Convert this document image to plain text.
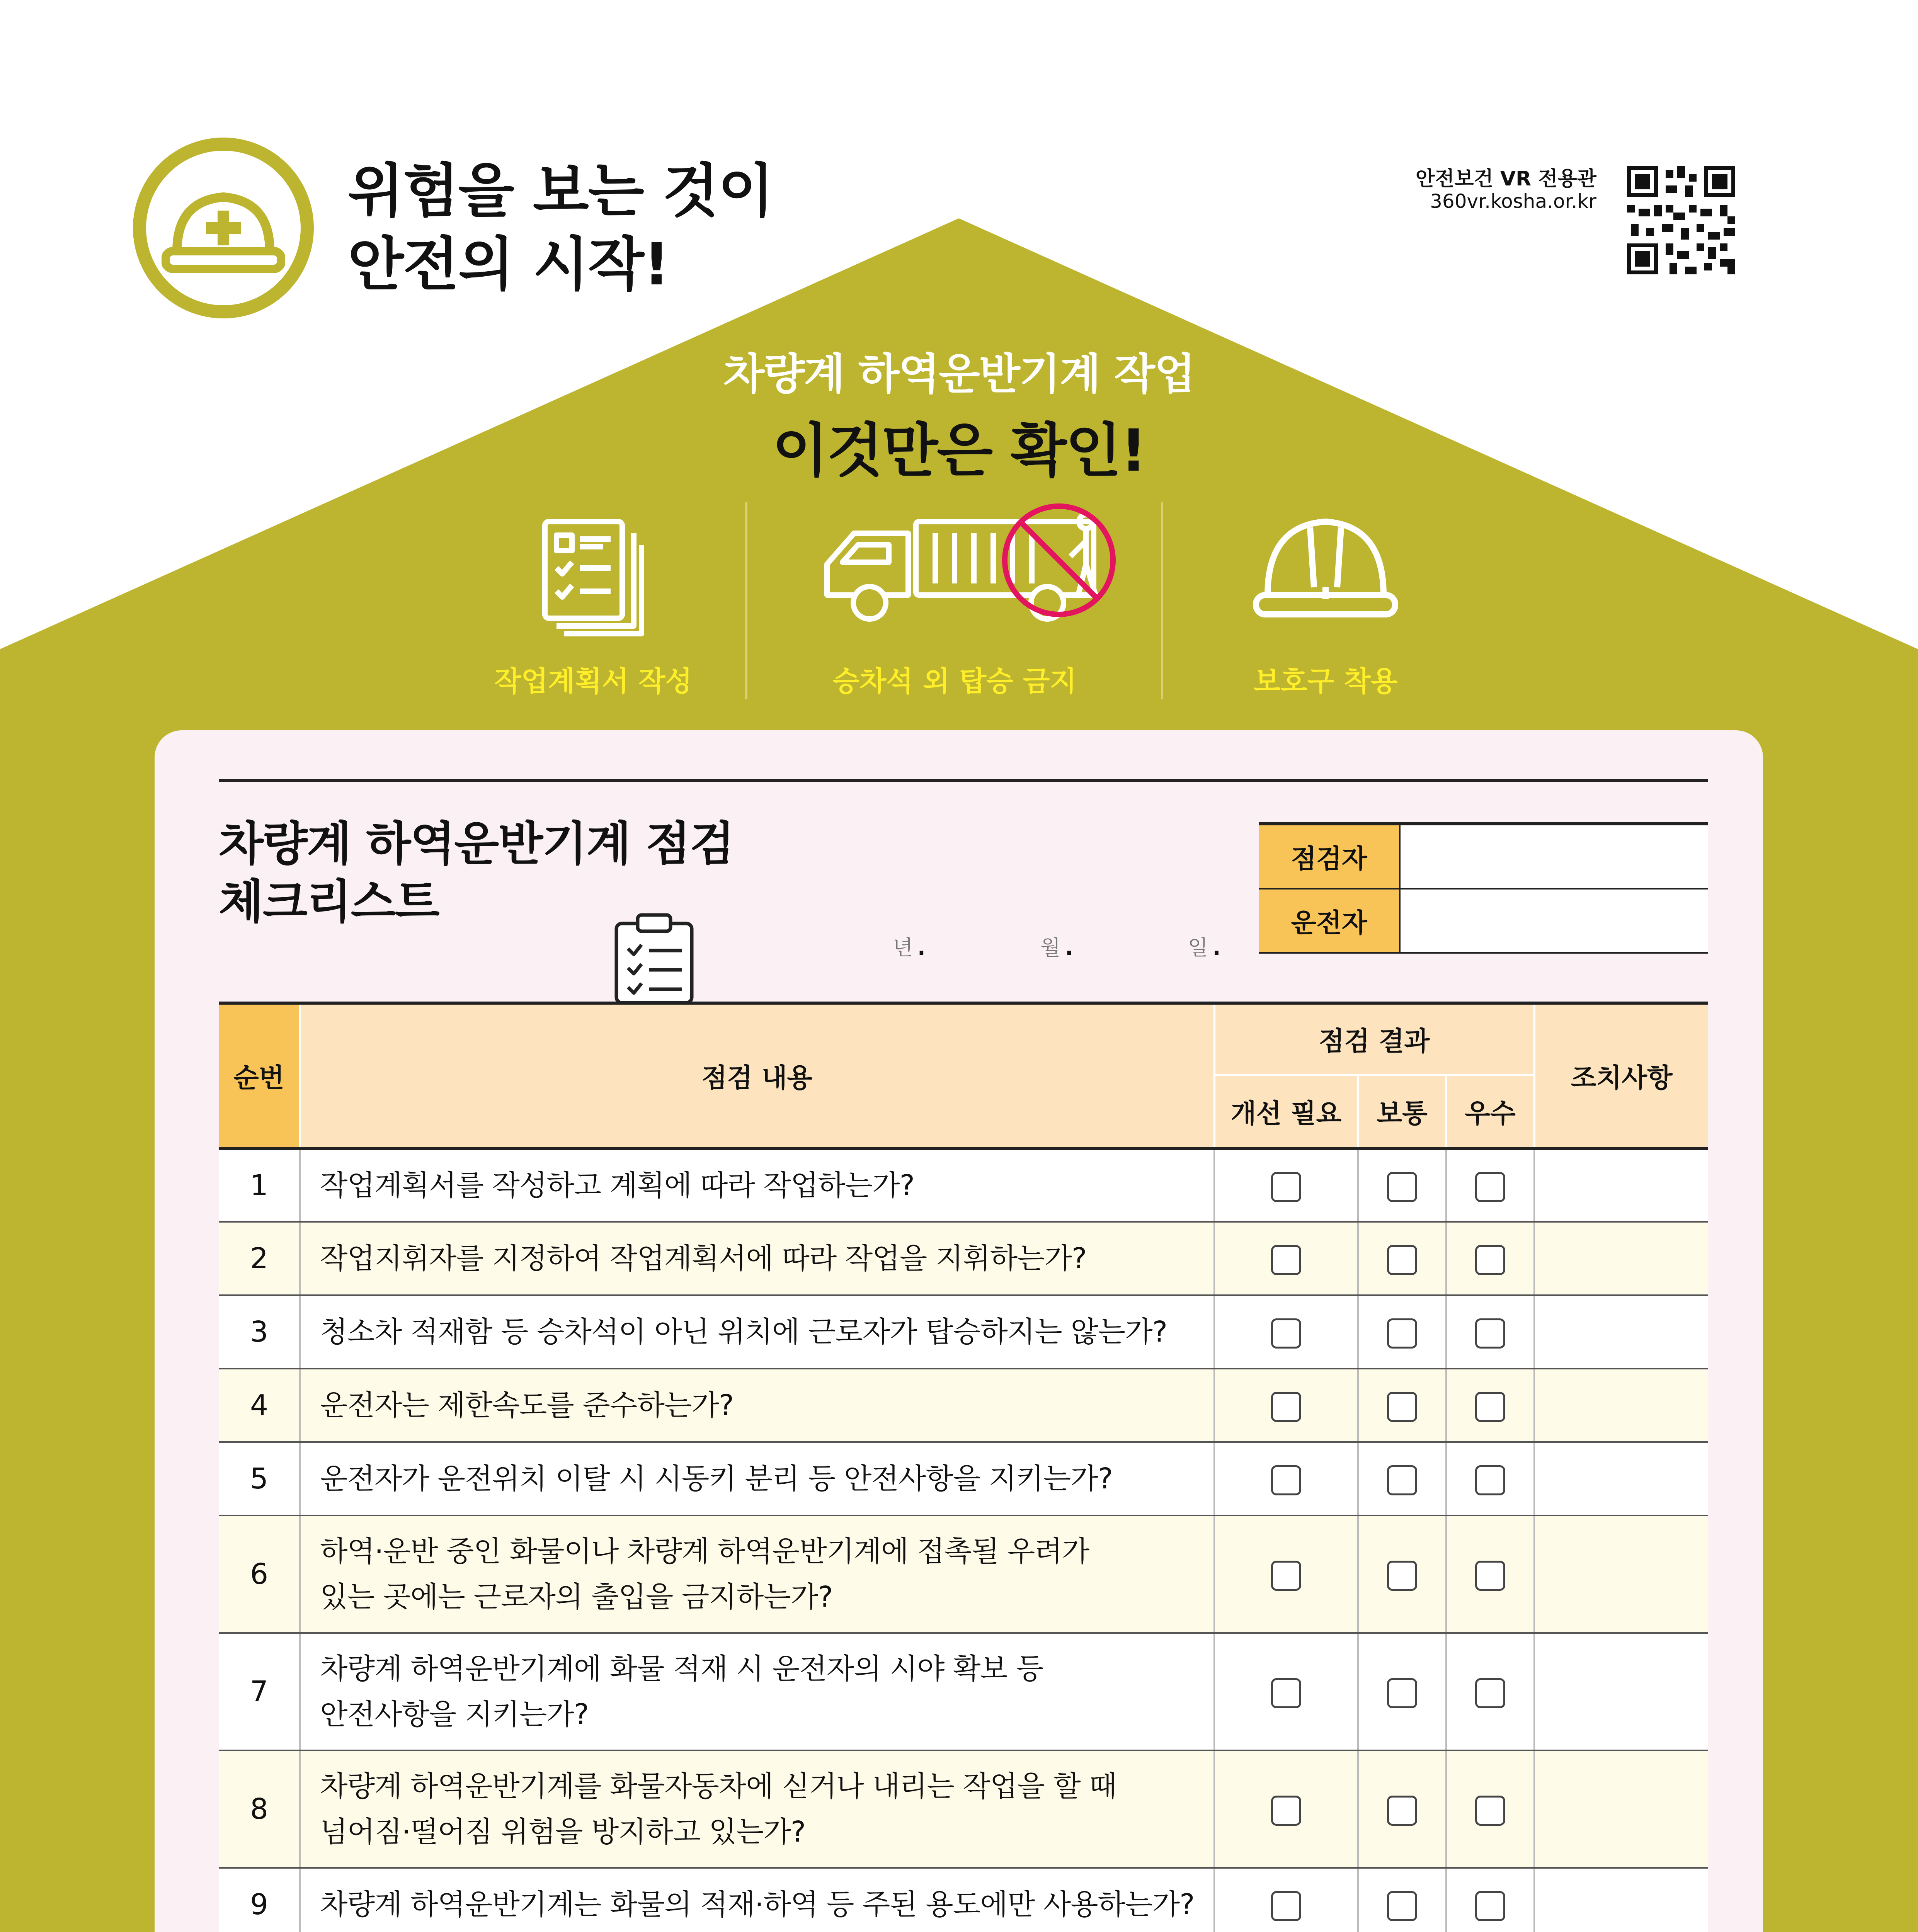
위험을 보는 것이
안전의 시작!
안전보건 VR 전용관
360vr.kosha.or.kr
차량계 하역운반기계 작업
이것만은 확인!
작업계획서 작성	승차석 외 탑승 금지	보호구 착용
차량계 하역운반기계 점검
체크리스트
년 .	월 .	일 .
점검자
운전자
순번	점검 내용	점검 결과			조치사항
		개선 필요	보통	우수	
1	작업계획서를 작성하고 계획에 따라 작업하는가?				
2	작업지휘자를 지정하여 작업계획서에 따라 작업을 지휘하는가?				
3	청소차 적재함 등 승차석이 아닌 위치에 근로자가 탑승하지는 않는가?				
4	운전자는 제한속도를 준수하는가?				
5	운전자가 운전위치 이탈 시 시동키 분리 등 안전사항을 지키는가?				
6	하역·운반 중인 화물이나 차량계 하역운반기계에 접촉될 우려가
있는 곳에는 근로자의 출입을 금지하는가?				
7	차량계 하역운반기계에 화물 적재 시 운전자의 시야 확보 등
안전사항을 지키는가?				
8	차량계 하역운반기계를 화물자동차에 싣거나 내리는 작업을 할 때
넘어짐·떨어짐 위험을 방지하고 있는가?				
9	차량계 하역운반기계는 화물의 적재·하역 등 주된 용도에만 사용하는가?				
